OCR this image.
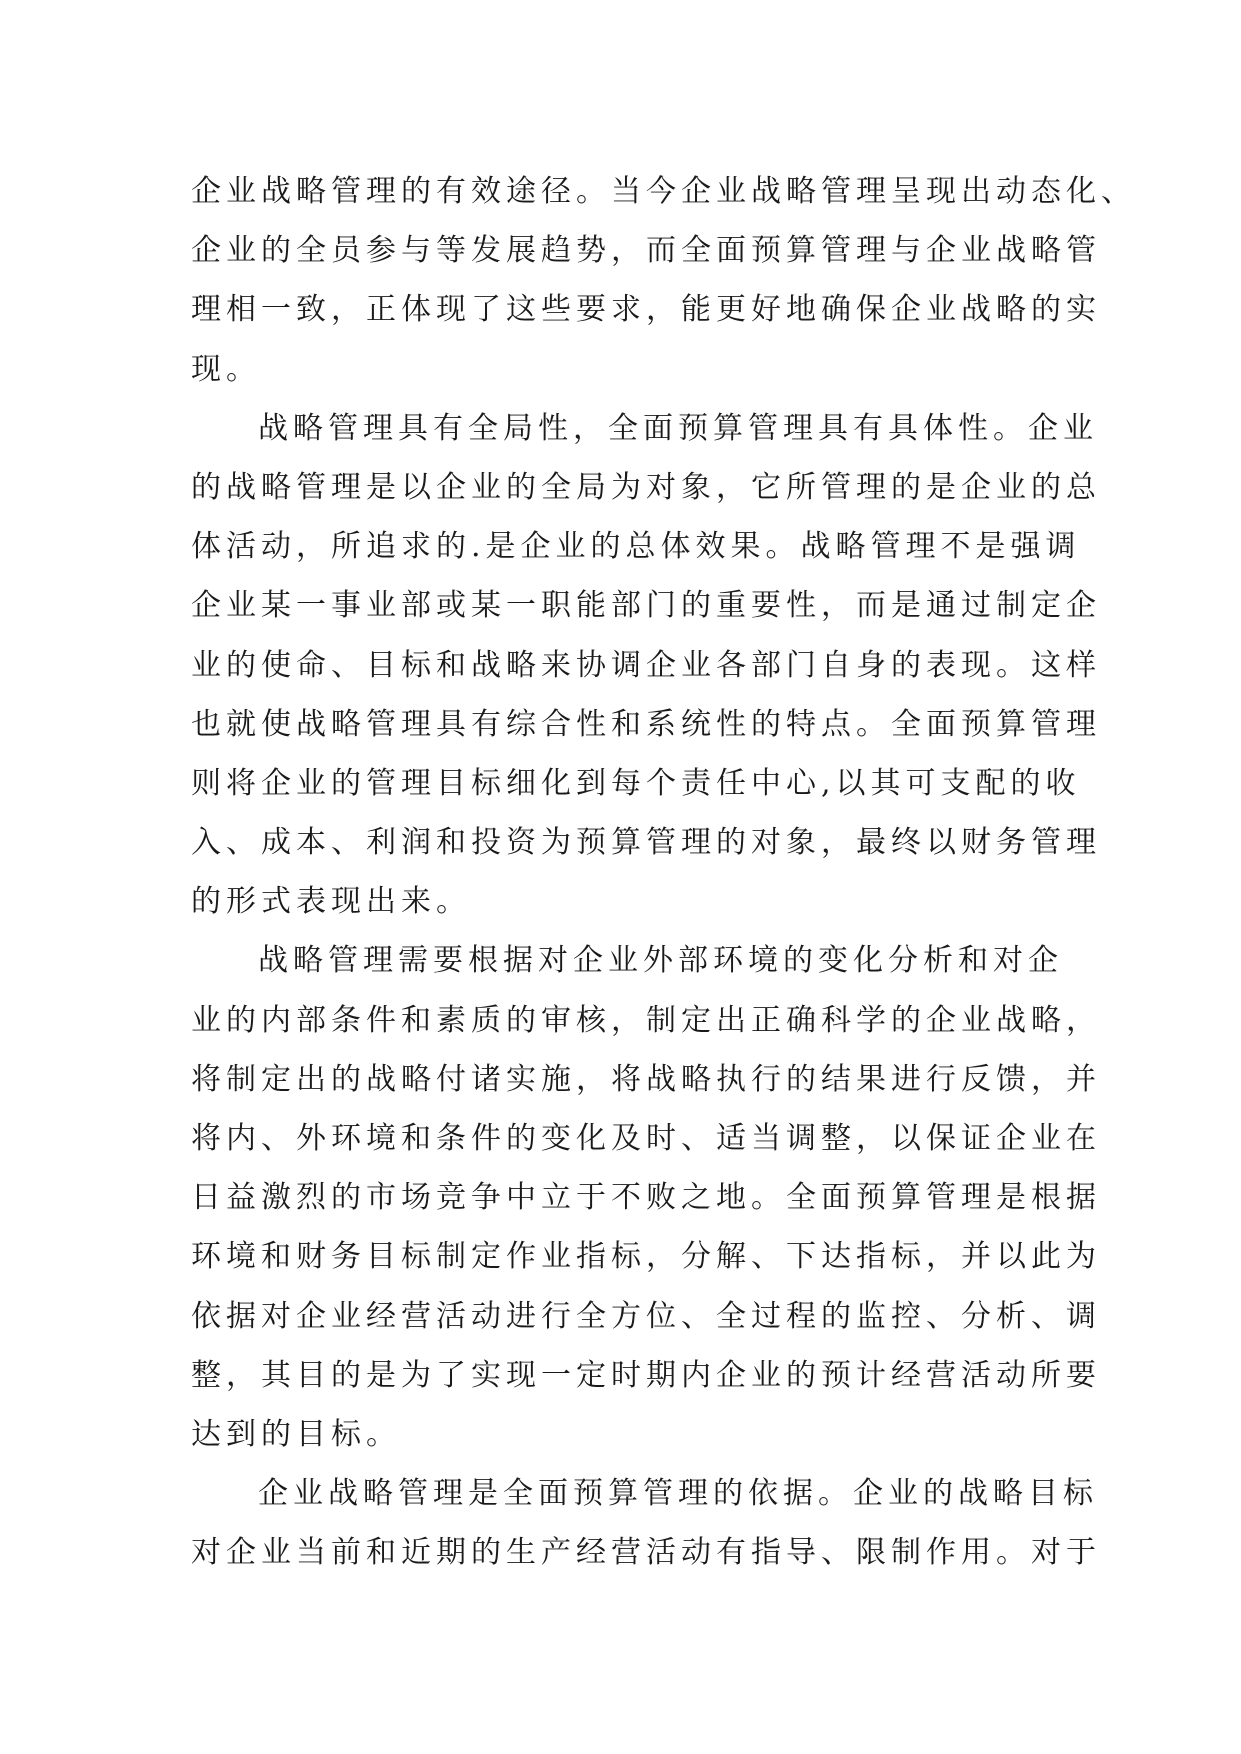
企业战略管理的有效途径。当今企业战略管理呈现出动态化、
企业的全员参与等发展趋势，而全面预算管理与企业战略管
理相一致，正体现了这些要求，能更好地确保企业战略的实
现。

战略管理具有全局性，全面预算管理具有具体性。企业
的战略管理是以企业的全局为对象，它所管理的是企业的总
体活动，所追求的.是企业的总体效果。战略管理不是强调
企业某一事业部或某一职能部门的重要性，而是通过制定企
业的使命、目标和战略来协调企业各部门自身的表现。这样
也就使战略管理具有综合性和系统性的特点。全面预算管理
则将企业的管理目标细化到每个责任中心,以其可支配的收
入、成本、利润和投资为预算管理的对象，最终以财务管理
的形式表现出来。

战略管理需要根据对企业外部环境的变化分析和对企
业的内部条件和素质的审核，制定出正确科学的企业战略，
将制定出的战略付诸实施，将战略执行的结果进行反馈，并
将内、外环境和条件的变化及时、适当调整，以保证企业在
日益激烈的市场竞争中立于不败之地。全面预算管理是根据
环境和财务目标制定作业指标，分解、下达指标，并以此为
依据对企业经营活动进行全方位、全过程的监控、分析、调
整，其目的是为了实现一定时期内企业的预计经营活动所要
达到的目标。

企业战略管理是全面预算管理的依据。企业的战略目标
对企业当前和近期的生产经营活动有指导、限制作用。对于
